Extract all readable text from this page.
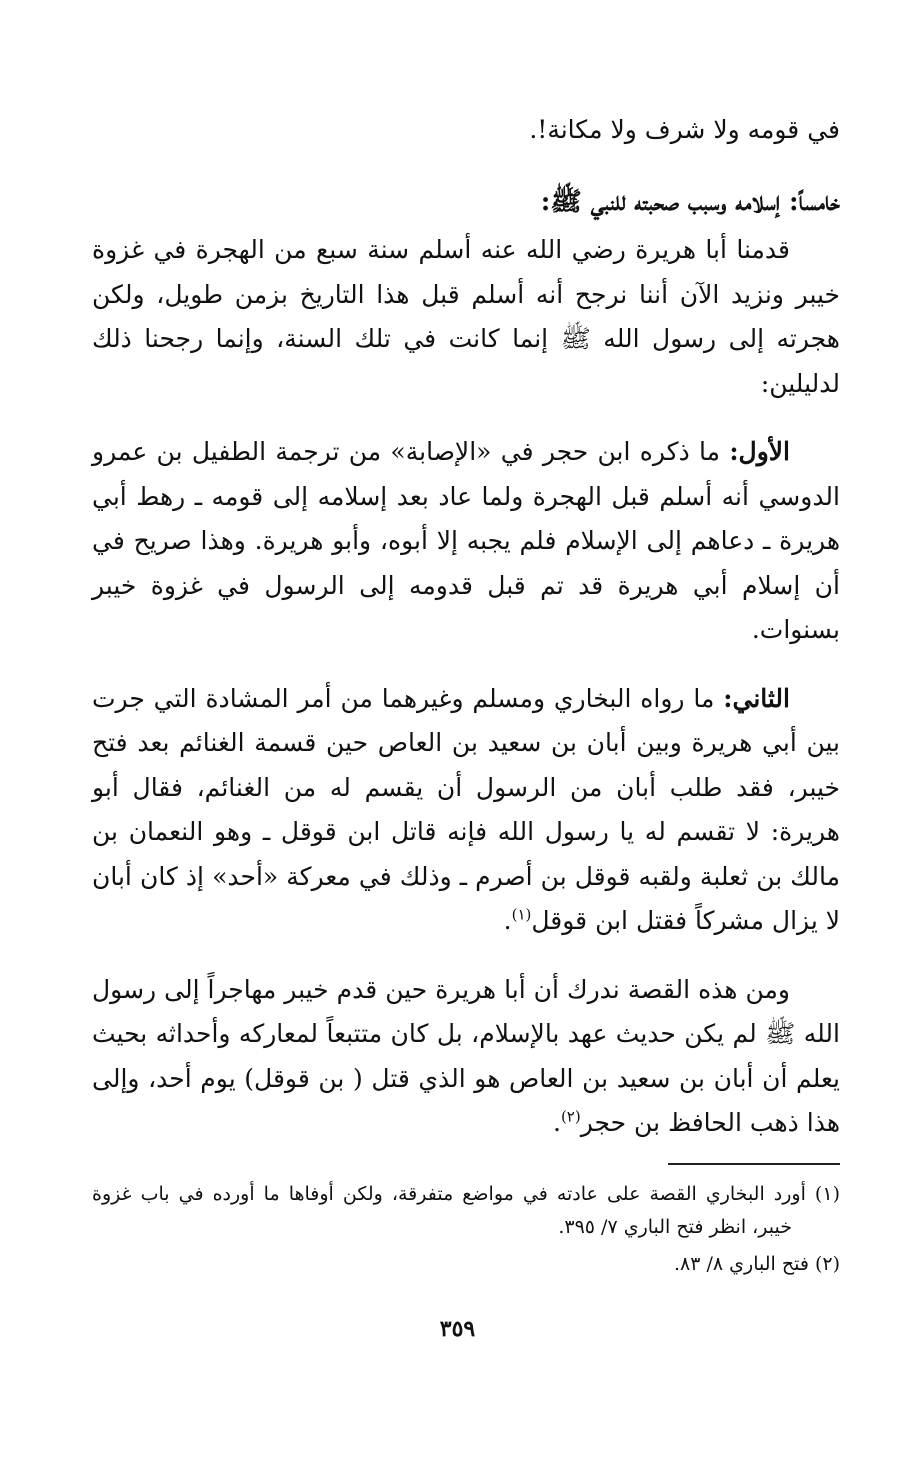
في قومه ولا شرف ولا مكانة!.

خامساً: إسلامه وسبب صحبته للنبي ﷺ:

قدمنا أبا هريرة رضي الله عنه أسلم سنة سبع من الهجرة في غزوة خيبر ونزيد الآن أننا نرجح أنه أسلم قبل هذا التاريخ بزمن طويل، ولكن هجرته إلى رسول الله ﷺ إنما كانت في تلك السنة، وإنما رجحنا ذلك لدليلين:

الأول: ما ذكره ابن حجر في «الإصابة» من ترجمة الطفيل بن عمرو الدوسي أنه أسلم قبل الهجرة ولما عاد بعد إسلامه إلى قومه ـ رهط أبي هريرة ـ دعاهم إلى الإسلام فلم يجبه إلا أبوه، وأبو هريرة. وهذا صريح في أن إسلام أبي هريرة قد تم قبل قدومه إلى الرسول في غزوة خيبر بسنوات.

الثاني: ما رواه البخاري ومسلم وغيرهما من أمر المشادة التي جرت بين أبي هريرة وبين أبان بن سعيد بن العاص حين قسمة الغنائم بعد فتح خيبر، فقد طلب أبان من الرسول أن يقسم له من الغنائم، فقال أبو هريرة: لا تقسم له يا رسول الله فإنه قاتل ابن قوقل ـ وهو النعمان بن مالك بن ثعلبة ولقبه قوقل بن أصرم ـ وذلك في معركة «أحد» إذ كان أبان لا يزال مشركاً فقتل ابن قوقل$^{(١)}$.

ومن هذه القصة ندرك أن أبا هريرة حين قدم خيبر مهاجراً إلى رسول الله ﷺ لم يكن حديث عهد بالإسلام، بل كان متتبعاً لمعاركه وأحداثه بحيث يعلم أن أبان بن سعيد بن العاص هو الذي قتل ( بن قوقل) يوم أحد، وإلى هذا ذهب الحافظ بن حجر$^{(٢)}$.

(١) أورد البخاري القصة على عادته في مواضع متفرقة، ولكن أوفاها ما أورده في باب غزوة خيبر، انظر فتح الباري ٧/ ٣٩٥.

(٢) فتح الباري ٨/ ٨٣.

٣٥٩
